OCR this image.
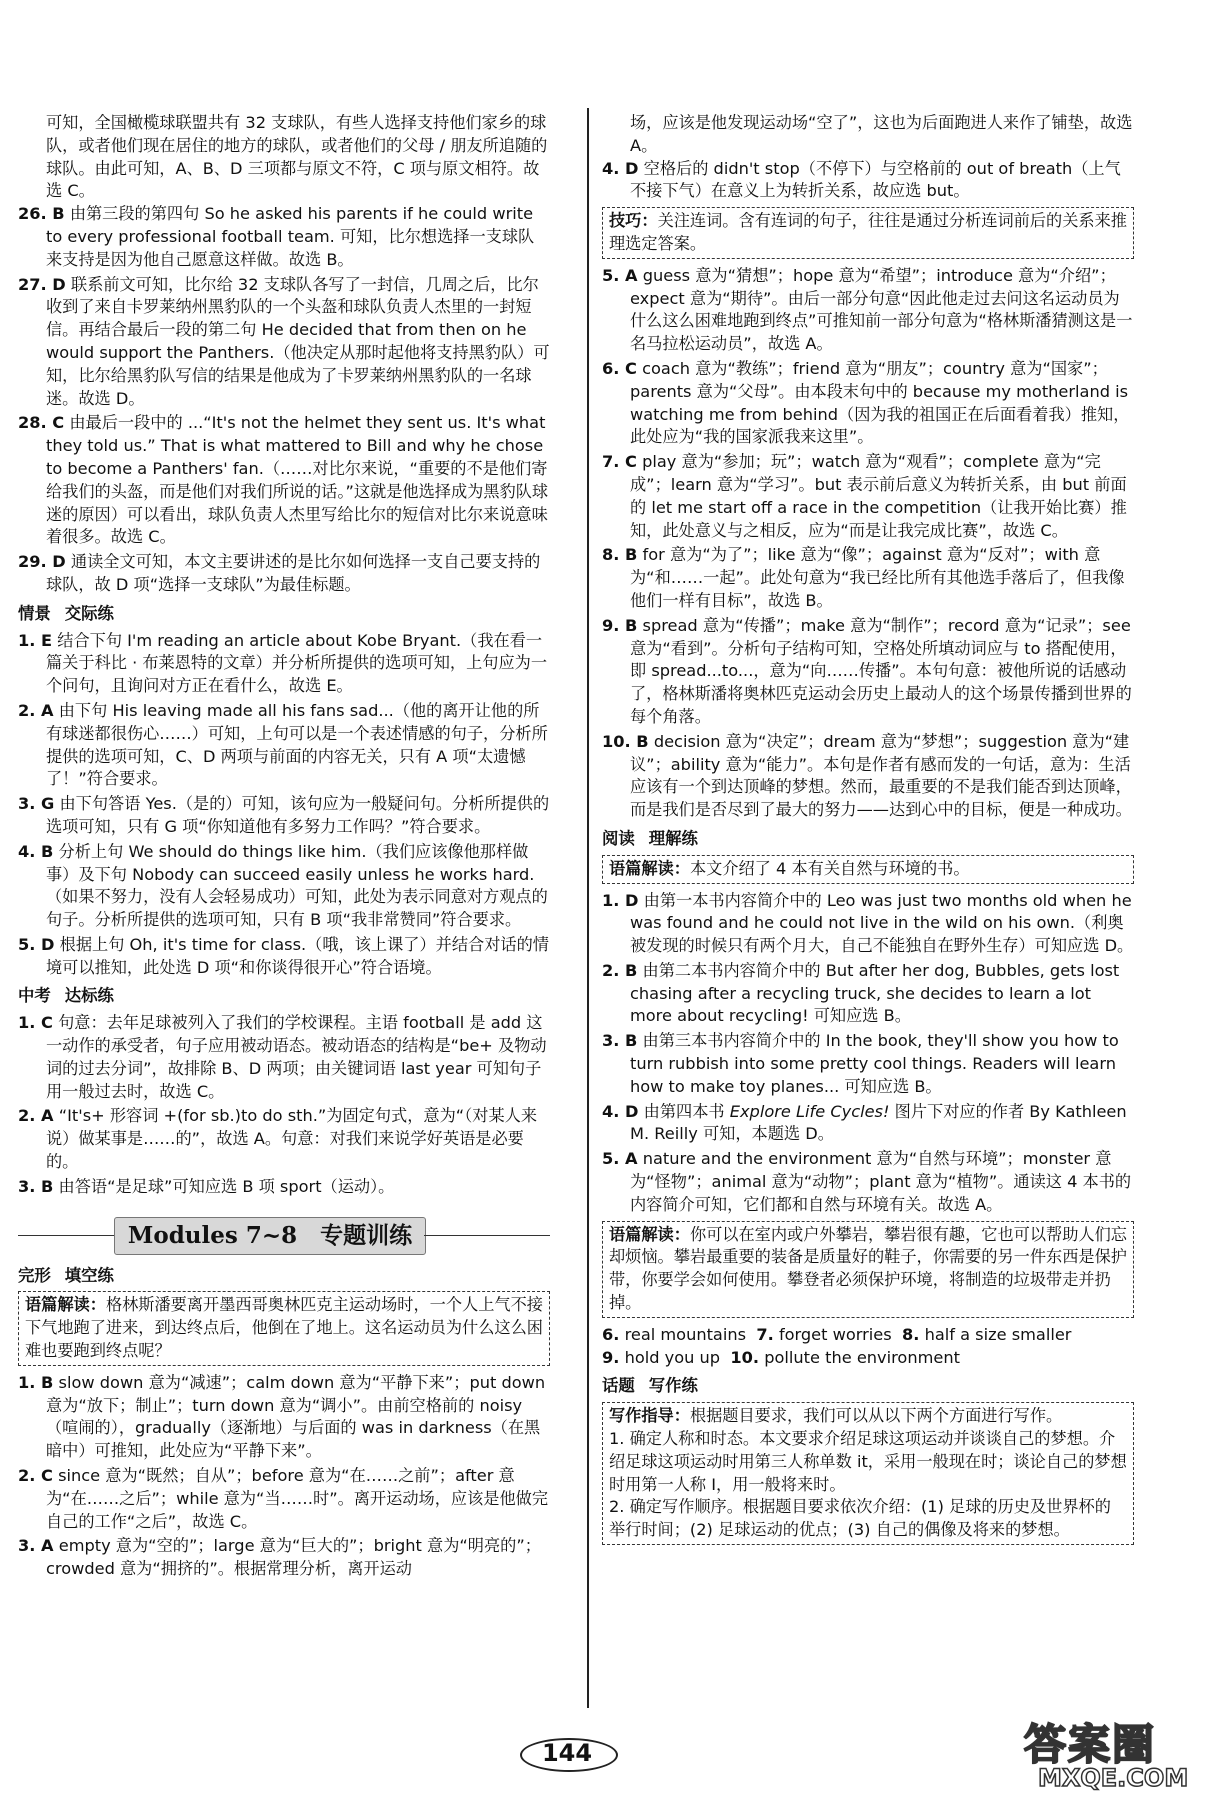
可知，全国橄榄球联盟共有 32 支球队，有些人选择支持他们家乡的球队，或者他们现在居住的地方的球队，或者他们的父母 / 朋友所追随的球队。由此可知，A、B、D 三项都与原文不符，C 项与原文相符。故选 C。
26. B 由第三段的第四句 So he asked his parents if he could write to every professional football team. 可知，比尔想选择一支球队来支持是因为他自己愿意这样做。故选 B。
27. D 联系前文可知，比尔给 32 支球队各写了一封信，几周之后，比尔收到了来自卡罗莱纳州黑豹队的一个头盔和球队负责人杰里的一封短信。再结合最后一段的第二句 He decided that from then on he would support the Panthers.（他决定从那时起他将支持黑豹队）可知，比尔给黑豹队写信的结果是他成为了卡罗莱纳州黑豹队的一名球迷。故选 D。
28. C 由最后一段中的 ...“It's not the helmet they sent us. It's what they told us.” That is what mattered to Bill and why he chose to become a Panthers' fan.（……对比尔来说，“重要的不是他们寄给我们的头盔，而是他们对我们所说的话。”这就是他选择成为黑豹队球迷的原因）可以看出，球队负责人杰里写给比尔的短信对比尔来说意味着很多。故选 C。
29. D 通读全文可知，本文主要讲述的是比尔如何选择一支自己要支持的球队，故 D 项“选择一支球队”为最佳标题。
情景 交际练
1. E 结合下句 I'm reading an article about Kobe Bryant.（我在看一篇关于科比 · 布莱恩特的文章）并分析所提供的选项可知，上句应为一个问句，且询问对方正在看什么，故选 E。
2. A 由下句 His leaving made all his fans sad...（他的离开让他的所有球迷都很伤心……）可知，上句可以是一个表述情感的句子，分析所提供的选项可知，C、D 两项与前面的内容无关，只有 A 项“太遗憾了！”符合要求。
3. G 由下句答语 Yes.（是的）可知，该句应为一般疑问句。分析所提供的选项可知，只有 G 项“你知道他有多努力工作吗？”符合要求。
4. B 分析上句 We should do things like him.（我们应该像他那样做事）及下句 Nobody can succeed easily unless he works hard.（如果不努力，没有人会轻易成功）可知，此处为表示同意对方观点的句子。分析所提供的选项可知，只有 B 项“我非常赞同”符合要求。
5. D 根据上句 Oh, it's time for class.（哦，该上课了）并结合对话的情境可以推知，此处选 D 项“和你谈得很开心”符合语境。
中考 达标练
1. C 句意：去年足球被列入了我们的学校课程。主语 football 是 add 这一动作的承受者，句子应用被动语态。被动语态的结构是“be+ 及物动词的过去分词”，故排除 B、D 两项；由关键词语 last year 可知句子用一般过去时，故选 C。
2. A “It's+ 形容词 +(for sb.)to do sth.”为固定句式，意为“（对某人来说）做某事是……的”，故选 A。句意：对我们来说学好英语是必要的。
3. B 由答语“是足球”可知应选 B 项 sport（运动）。
Modules 7~8　专题训练
完形 填空练
语篇解读：格林斯潘要离开墨西哥奥林匹克主运动场时，一个人上气不接下气地跑了进来，到达终点后，他倒在了地上。这名运动员为什么这么困难也要跑到终点呢？
1. B slow down 意为“减速”；calm down 意为“平静下来”；put down 意为“放下；制止”；turn down 意为“调小”。由前空格前的 noisy（喧闹的），gradually（逐渐地）与后面的 was in darkness（在黑暗中）可推知，此处应为“平静下来”。
2. C since 意为“既然；自从”；before 意为“在……之前”；after 意为“在……之后”；while 意为“当……时”。离开运动场，应该是他做完自己的工作“之后”，故选 C。
3. A empty 意为“空的”；large 意为“巨大的”；bright 意为“明亮的”；crowded 意为“拥挤的”。根据常理分析，离开运动
场，应该是他发现运动场“空了”，这也为后面跑进人来作了铺垫，故选 A。
4. D 空格后的 didn't stop（不停下）与空格前的 out of breath（上气不接下气）在意义上为转折关系，故应选 but。
技巧：关注连词。含有连词的句子，往往是通过分析连词前后的关系来推理选定答案。
5. A guess 意为“猜想”；hope 意为“希望”；introduce 意为“介绍”；expect 意为“期待”。由后一部分句意“因此他走过去问这名运动员为什么这么困难地跑到终点”可推知前一部分句意为“格林斯潘猜测这是一名马拉松运动员”，故选 A。
6. C coach 意为“教练”；friend 意为“朋友”；country 意为“国家”；parents 意为“父母”。由本段末句中的 because my motherland is watching me from behind（因为我的祖国正在后面看着我）推知，此处应为“我的国家派我来这里”。
7. C play 意为“参加；玩”；watch 意为“观看”；complete 意为“完成”；learn 意为“学习”。but 表示前后意义为转折关系，由 but 前面的 let me start off a race in the competition（让我开始比赛）推知，此处意义与之相反，应为“而是让我完成比赛”，故选 C。
8. B for 意为“为了”；like 意为“像”；against 意为“反对”；with 意为“和……一起”。此处句意为“我已经比所有其他选手落后了，但我像他们一样有目标”，故选 B。
9. B spread 意为“传播”；make 意为“制作”；record 意为“记录”；see 意为“看到”。分析句子结构可知，空格处所填动词应与 to 搭配使用，即 spread...to...，意为“向……传播”。本句句意：被他所说的话感动了，格林斯潘将奥林匹克运动会历史上最动人的这个场景传播到世界的每个角落。
10. B decision 意为“决定”；dream 意为“梦想”；suggestion 意为“建议”；ability 意为“能力”。本句是作者有感而发的一句话，意为：生活应该有一个到达顶峰的梦想。然而，最重要的不是我们能否到达顶峰，而是我们是否尽到了最大的努力——达到心中的目标，便是一种成功。
阅读 理解练
语篇解读：本文介绍了 4 本有关自然与环境的书。
1. D 由第一本书内容简介中的 Leo was just two months old when he was found and he could not live in the wild on his own.（利奥被发现的时候只有两个月大，自己不能独自在野外生存）可知应选 D。
2. B 由第二本书内容简介中的 But after her dog, Bubbles, gets lost chasing after a recycling truck, she decides to learn a lot more about recycling! 可知应选 B。
3. B 由第三本书内容简介中的 In the book, they'll show you how to turn rubbish into some pretty cool things. Readers will learn how to make toy planes... 可知应选 B。
4. D 由第四本书 Explore Life Cycles! 图片下对应的作者 By Kathleen M. Reilly 可知，本题选 D。
5. A nature and the environment 意为“自然与环境”；monster 意为“怪物”；animal 意为“动物”；plant 意为“植物”。通读这 4 本书的内容简介可知，它们都和自然与环境有关。故选 A。
语篇解读：你可以在室内或户外攀岩，攀岩很有趣，它也可以帮助人们忘却烦恼。攀岩最重要的装备是质量好的鞋子，你需要的另一件东西是保护带，你要学会如何使用。攀登者必须保护环境，将制造的垃圾带走并扔掉。
6. real mountains 7. forget worries 8. half a size smaller
9. hold you up 10. pollute the environment
话题 写作练
写作指导：根据题目要求，我们可以从以下两个方面进行写作。
1. 确定人称和时态。本文要求介绍足球这项运动并谈谈自己的梦想。介绍足球这项运动时用第三人称单数 it，采用一般现在时；谈论自己的梦想时用第一人称 I，用一般将来时。
2. 确定写作顺序。根据题目要求依次介绍：(1) 足球的历史及世界杯的举行时间；(2) 足球运动的优点；(3) 自己的偶像及将来的梦想。
144	答案圈
MXQE.COM
